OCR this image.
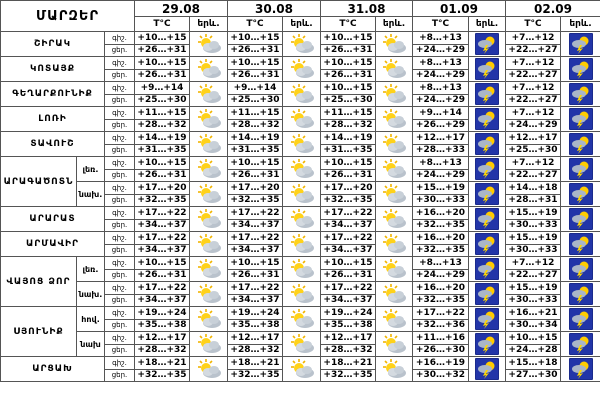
ՄԱՐԶԵՐ			29.08		30.08		31.08		01.09		02.09	
			T°C	երև.	T°C	երև.	T°C	երև.	T°C	երև.	T°C	երև.
ՇԻՐԱԿ		գիշ.	+10…+15		+10…+15		+10…+15		+8…+13		+7…+12	

		ցեր.	+26…+31		+26…+31		+26…+31		+24…+29		+22…+27	
ԿՈՏԱՅՔ		գիշ.	+10…+15		+10…+15		+10…+15		+8…+13		+7…+12	

		ցեր.	+26…+31		+26…+31		+26…+31		+24…+29		+22…+27	
ԳԵՂԱՐՔՈՒՆԻՔ		գիշ.	+9…+14		+9…+14		+10…+15		+8…+13		+7…+12	

		ցեր.	+25…+30		+25…+30		+25…+30		+24…+29		+22…+27	
ԼՈՌԻ		գիշ.	+11…+15		+11…+15		+11…+15		+9…+14		+7…+12	

		ցեր.	+28…+32		+28…+32		+28…+32		+26…+29		+24…+29	
ՏԱՎՈՒՇ		գիշ.	+14…+19		+14…+19		+14…+19		+12…+17		+12…+17	

		ցեր.	+31…+35		+31…+35		+31…+35		+28…+33		+25…+30	
ԱՐԱԳԱԾՈՏՆ	լեռ.	գիշ.	+10…+15		+10…+15		+10…+15		+8…+13		+7…+12	

		ցեր.	+26…+31		+26…+31		+26…+31		+24…+29		+22…+27	
	նախ.	գիշ.	+17…+20		+17…+20		+17…+20		+15…+19		+14…+18	

		ցեր.	+32…+35		+32…+35		+32…+35		+30…+33		+28…+31	
ԱՐԱՐԱՏ		գիշ.	+17…+22		+17…+22		+17…+22		+16…+20		+15…+19	

		ցեր.	+34…+37		+34…+37		+34…+37		+32…+35		+30…+33	
ԱՐՄԱՎԻՐ		գիշ.	+17…+22		+17…+22		+17…+22		+16…+20		+15…+19	

		ցեր.	+34…+37		+34…+37		+34…+37		+32…+35		+30…+33	
ՎԱՅՈՑ ՁՈՐ	լեռ.	գիշ.	+10…+15		+10…+15		+10…+15		+8…+13		+7…+12	

		ցեր.	+26…+31		+26…+31		+26…+31		+24…+29		+22…+27	
	նախ.	գիշ.	+17…+22		+17…+22		+17…+22		+16…+20		+15…+19	

		ցեր.	+34…+37		+34…+37		+34…+37		+32…+35		+30…+33	
ՍՅՈՒՆԻՔ	հով.	գիշ.	+19…+24		+19…+24		+19…+24		+17…+22		+16…+21	

		ցեր.	+35…+38		+35…+38		+35…+38		+32…+36		+30…+34	
	նախ	գիշ.	+12…+17		+12…+17		+12…+17		+11…+16		+10…+15	

		ցեր.	+28…+32		+28…+32		+28…+32		+26…+30		+24…+28	
ԱՐՑԱԽ		գիշ.	+18…+21		+18…+21		+18…+21		+16…+19		+15…+18	

		ցեր.	+32…+35		+32…+35		+32…+35		+30…+32		+27…+30	
